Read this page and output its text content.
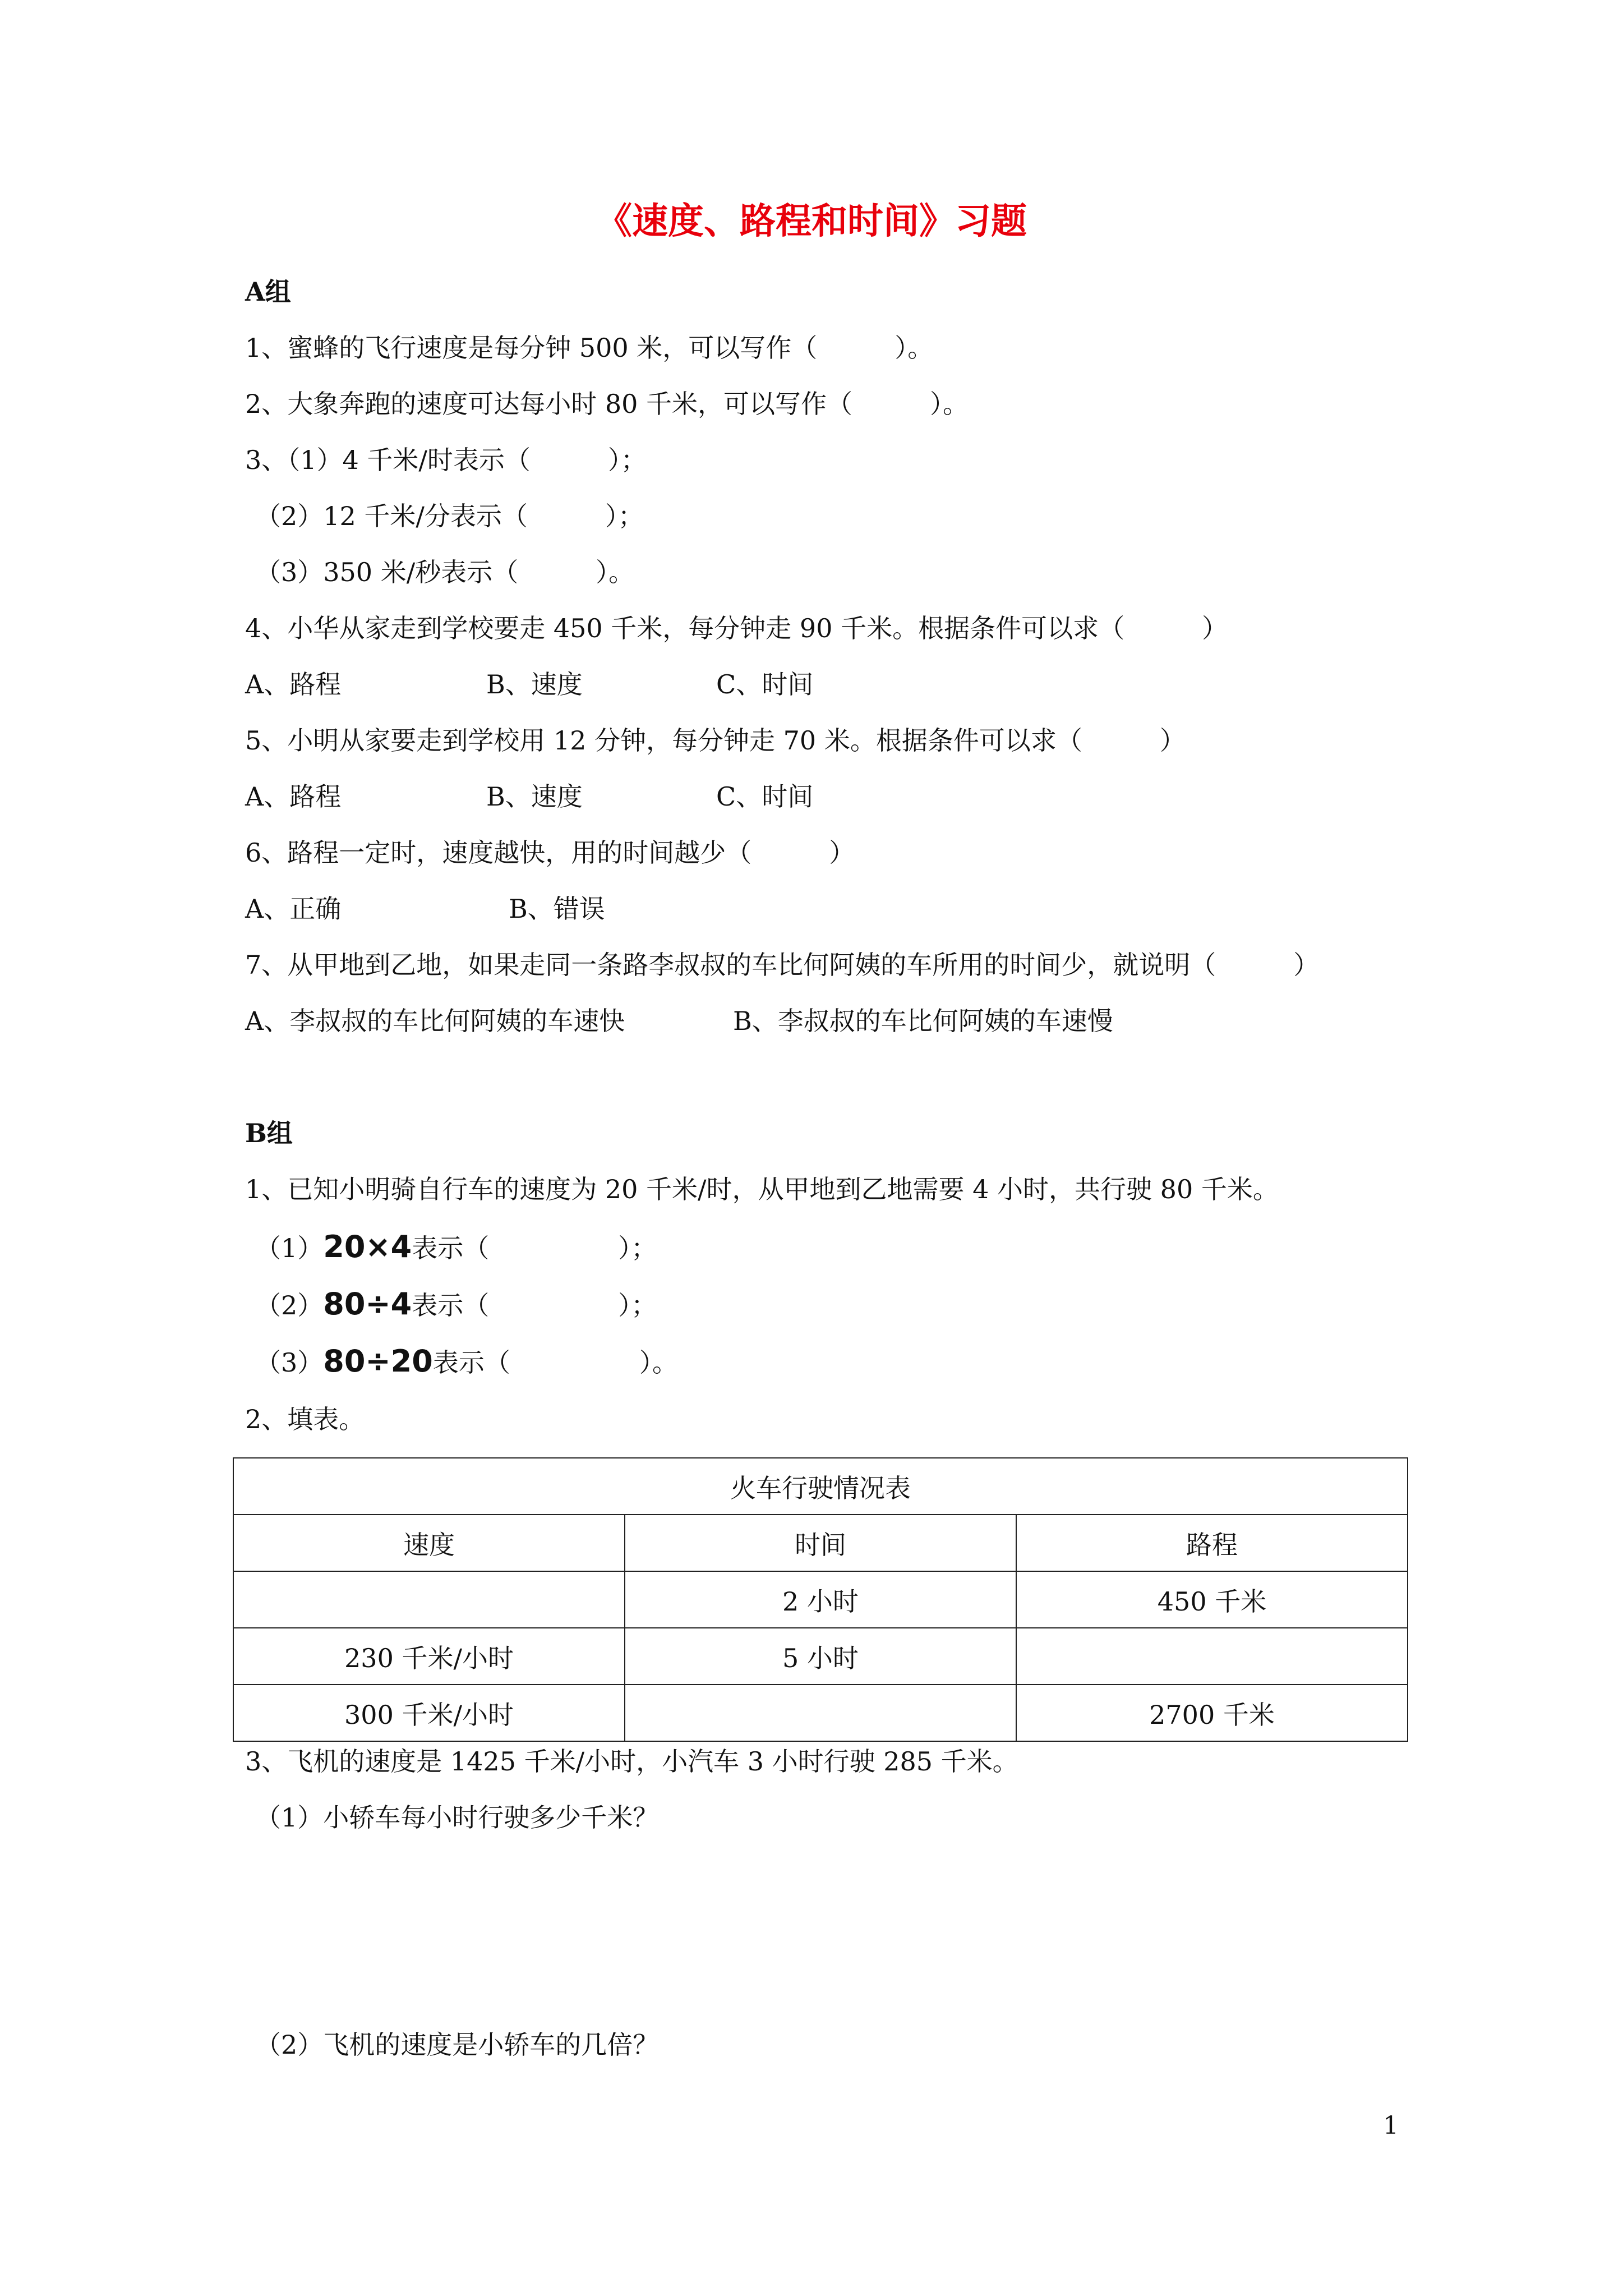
《速度、路程和时间》习题
A组
1、蜜蜂的飞行速度是每分钟 500 米，可以写作（　　　）。
2、大象奔跑的速度可达每小时 80 千米，可以写作（　　　）。
3、（1）4 千米/时表示（　　　）；
（2）12 千米/分表示（　　　）；
（3）350 米/秒表示（　　　）。
4、小华从家走到学校要走 450 千米，每分钟走 90 千米。根据条件可以求（　　　）
A、路程	B、速度	C、时间
5、小明从家要走到学校用 12 分钟，每分钟走 70 米。根据条件可以求（　　　）
A、路程	B、速度	C、时间
6、路程一定时，速度越快，用的时间越少（　　　）
A、正确	B、错误
7、从甲地到乙地，如果走同一条路李叔叔的车比何阿姨的车所用的时间少，就说明（　　　）
A、李叔叔的车比何阿姨的车速快	B、李叔叔的车比何阿姨的车速慢
B组
1、已知小明骑自行车的速度为 20 千米/时，从甲地到乙地需要 4 小时，共行驶 80 千米。
（1）20×4表示（　　　　　）；
（2）80÷4表示（　　　　　）；
（3）80÷20表示（　　　　　）。
2、填表。
火车行驶情况表		
速度	时间	路程
	2 小时	450 千米
230 千米/小时	5 小时	
300 千米/小时		2700 千米
3、飞机的速度是 1425 千米/小时，小汽车 3 小时行驶 285 千米。
（1）小轿车每小时行驶多少千米？
（2）飞机的速度是小轿车的几倍？
1
